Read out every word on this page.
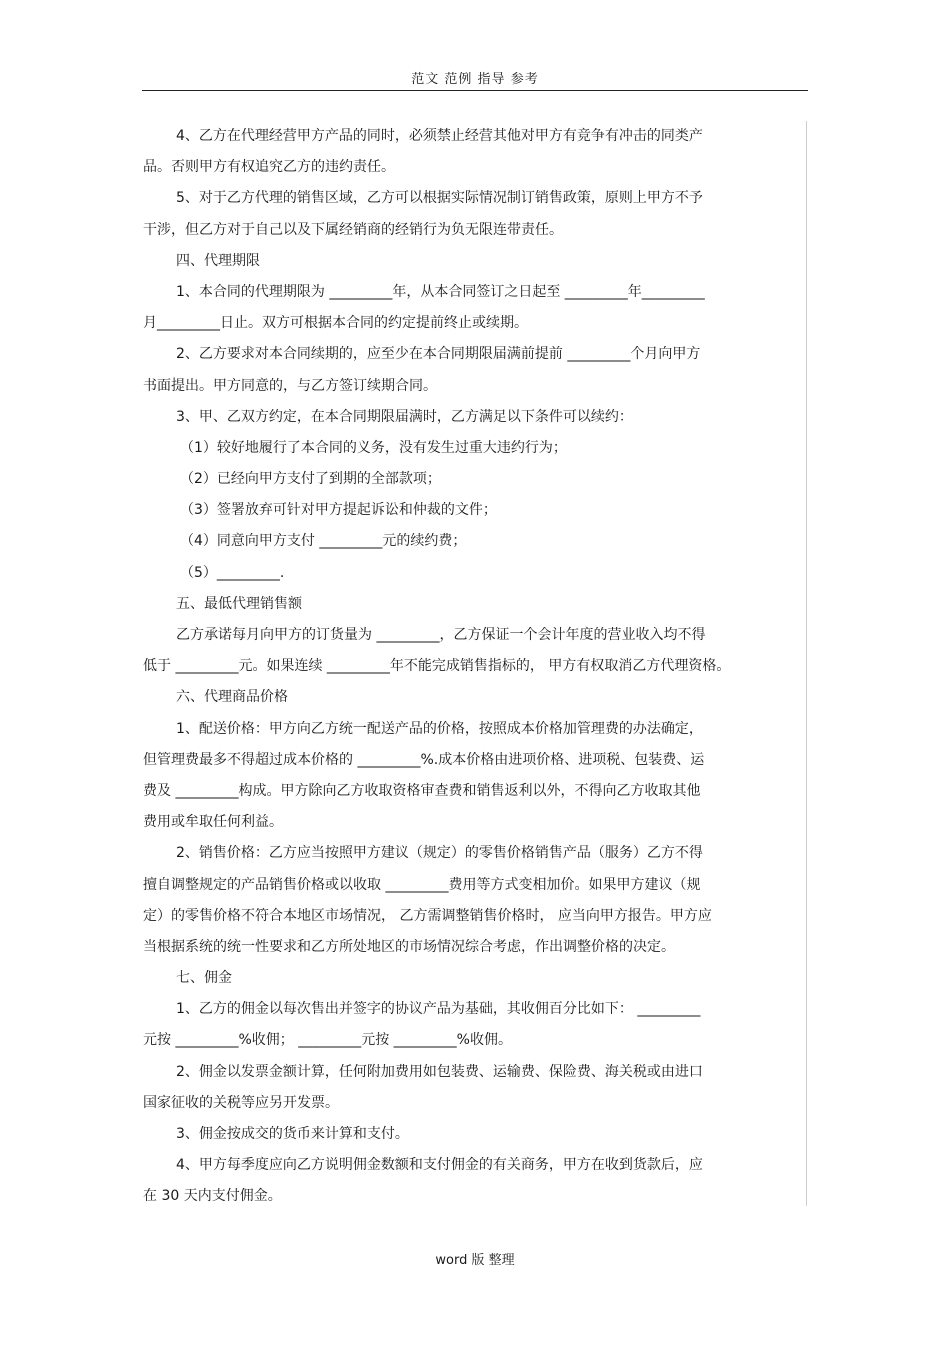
范文 范例 指导 参考
4、乙方在代理经营甲方产品的同时，必须禁止经营其他对甲方有竞争有冲击的同类产
品。否则甲方有权追究乙方的违约责任。
5、对于乙方代理的销售区域，乙方可以根据实际情况制订销售政策，原则上甲方不予
干涉，但乙方对于自己以及下属经销商的经销行为负无限连带责任。
四、代理期限
1、本合同的代理期限为 _________年，从本合同签订之日起至 _________年_________
月_________日止。双方可根据本合同的约定提前终止或续期。
2、乙方要求对本合同续期的，应至少在本合同期限届满前提前 _________个月向甲方
书面提出。甲方同意的，与乙方签订续期合同。
3、甲、乙双方约定，在本合同期限届满时，乙方满足以下条件可以续约：
（1）较好地履行了本合同的义务，没有发生过重大违约行为；
（2）已经向甲方支付了到期的全部款项；
（3）签署放弃可针对甲方提起诉讼和仲裁的文件；
（4）同意向甲方支付 _________元的续约费；
（5）_________.
五、最低代理销售额
乙方承诺每月向甲方的订货量为 _________，乙方保证一个会计年度的营业收入均不得
低于 _________元。如果连续 _________年不能完成销售指标的， 甲方有权取消乙方代理资格。
六、代理商品价格
1、配送价格：甲方向乙方统一配送产品的价格，按照成本价格加管理费的办法确定，
但管理费最多不得超过成本价格的 _________%.成本价格由进项价格、进项税、包装费、运
费及 _________构成。甲方除向乙方收取资格审查费和销售返利以外，不得向乙方收取其他
费用或牟取任何利益。
2、销售价格：乙方应当按照甲方建议（规定）的零售价格销售产品（服务）乙方不得
擅自调整规定的产品销售价格或以收取 _________费用等方式变相加价。如果甲方建议（规
定）的零售价格不符合本地区市场情况， 乙方需调整销售价格时， 应当向甲方报告。甲方应
当根据系统的统一性要求和乙方所处地区的市场情况综合考虑，作出调整价格的决定。
七、佣金
1、乙方的佣金以每次售出并签字的协议产品为基础，其收佣百分比如下： _________
元按 _________%收佣； _________元按 _________%收佣。
2、佣金以发票金额计算，任何附加费用如包装费、运输费、保险费、海关税或由进口
国家征收的关税等应另开发票。
3、佣金按成交的货币来计算和支付。
4、甲方每季度应向乙方说明佣金数额和支付佣金的有关商务，甲方在收到货款后，应
在 30 天内支付佣金。
word 版 整理
